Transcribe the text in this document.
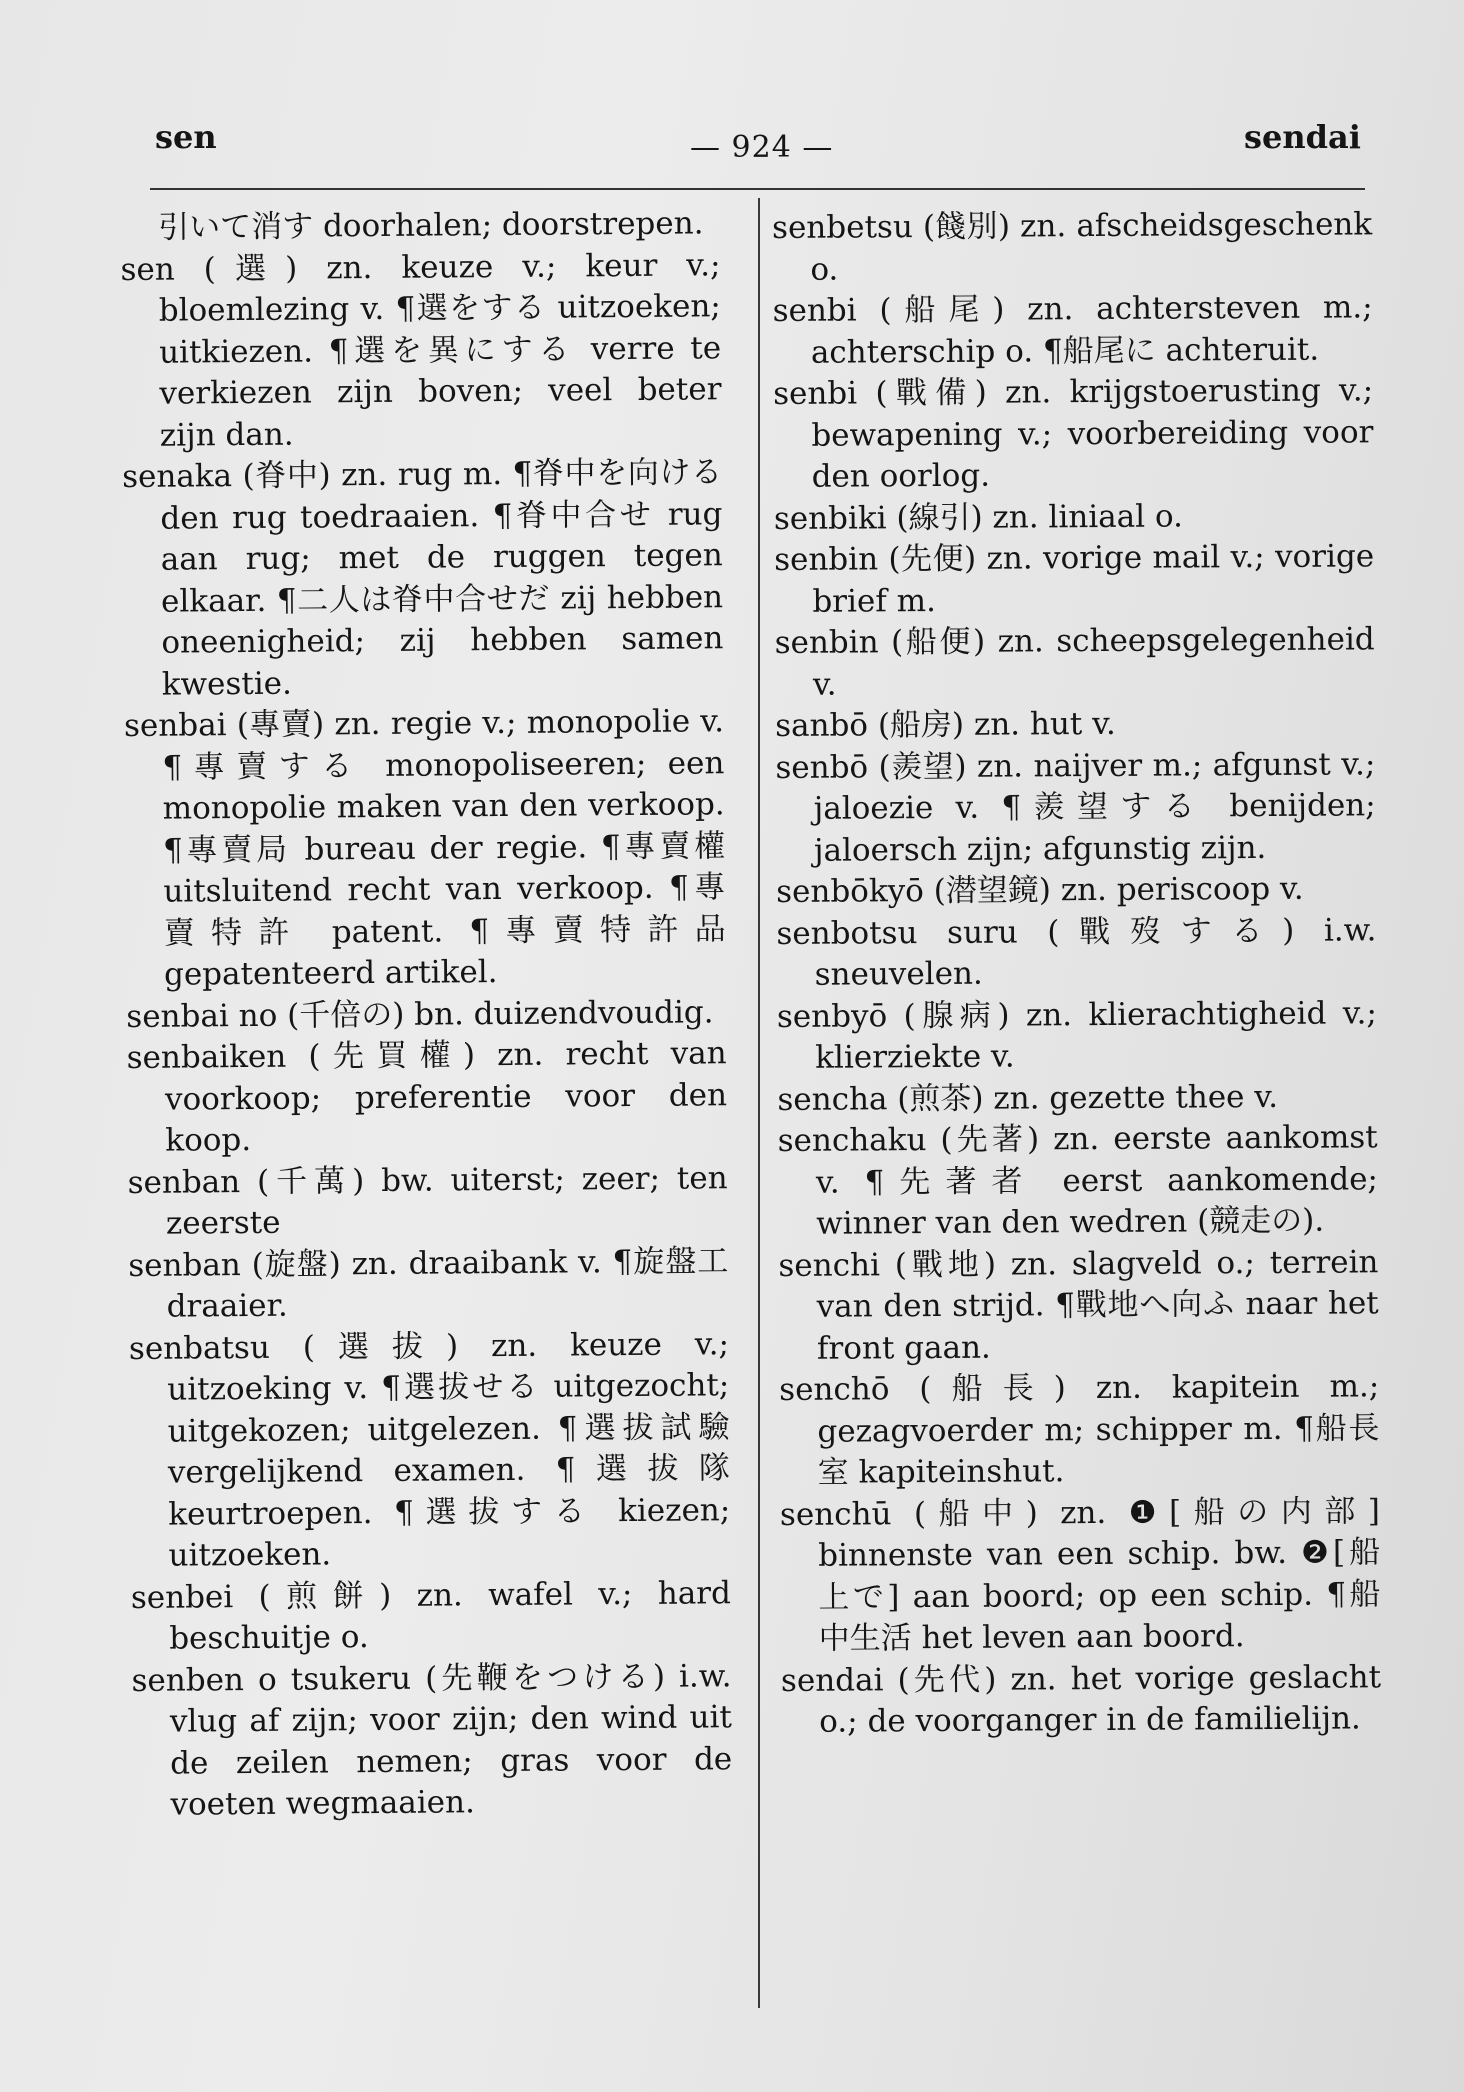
sen	— 924 —	sendai

引いて消す doorhalen; doorstrepen.

sen (選) zn. keuze v.; keur v.; bloemlezing v. ¶選をする uitzoeken; uitkiezen. ¶選を異にする verre te verkiezen zijn boven; veel beter zijn dan.

senaka (脊中) zn. rug m. ¶脊中を向ける den rug toedraaien. ¶脊中合せ rug aan rug; met de ruggen tegen elkaar. ¶二人は脊中合せだ zij hebben oneenigheid; zij hebben samen kwestie.

senbai (專賣) zn. regie v.; monopolie v. ¶專賣する monopoliseeren; een monopolie maken van den verkoop. ¶專賣局 bureau der regie. ¶專賣權 uitsluitend recht van verkoop. ¶專賣特許 patent. ¶專賣特許品 gepatenteerd artikel.

senbai no (千倍の) bn. duizendvoudig.

senbaiken (先買權) zn. recht van voorkoop; preferentie voor den koop.

senban (千萬) bw. uiterst; zeer; ten zeerste

senban (旋盤) zn. draaibank v. ¶旋盤工 draaier.

senbatsu (選拔) zn. keuze v.; uitzoeking v. ¶選拔せる uitgezocht; uitgekozen; uitgelezen. ¶選拔試驗 vergelijkend examen. ¶選拔隊 keurtroepen. ¶選拔する kiezen; uitzoeken.

senbei (煎餅) zn. wafel v.; hard beschuitje o.

senben o tsukeru (先鞭をつける) i.w. vlug af zijn; voor zijn; den wind uit de zeilen nemen; gras voor de voeten wegmaaien.

senbetsu (餞別) zn. afscheidsgeschenk o.

senbi (船尾) zn. achtersteven m.; achterschip o. ¶船尾に achteruit.

senbi (戰備) zn. krijgstoerusting v.; bewapening v.; voorbereiding voor den oorlog.

senbiki (線引) zn. liniaal o.

senbin (先便) zn. vorige mail v.; vorige brief m.

senbin (船便) zn. scheepsgelegenheid v.

sanbō (船房) zn. hut v.

senbō (羨望) zn. naijver m.; afgunst v.; jaloezie v. ¶羨望する benijden; jaloersch zijn; afgunstig zijn.

senbōkyō (潜望鏡) zn. periscoop v.

senbotsu suru (戰歿する) i.w. sneuvelen.

senbyō (腺病) zn. klierachtigheid v.; klierziekte v.

sencha (煎茶) zn. gezette thee v.

senchaku (先著) zn. eerste aankomst v. ¶先著者 eerst aankomende; winner van den wedren (競走の).

senchi (戰地) zn. slagveld o.; terrein van den strijd. ¶戰地へ向ふ naar het front gaan.

senchō (船長) zn. kapitein m.; gezagvoerder m; schipper m. ¶船長室 kapiteinshut.

senchū (船中) zn. ❶[船の内部] binnenste van een schip. bw. ❷[船上で] aan boord; op een schip. ¶船中生活 het leven aan boord.

sendai (先代) zn. het vorige geslacht o.; de voorganger in de familielijn.
